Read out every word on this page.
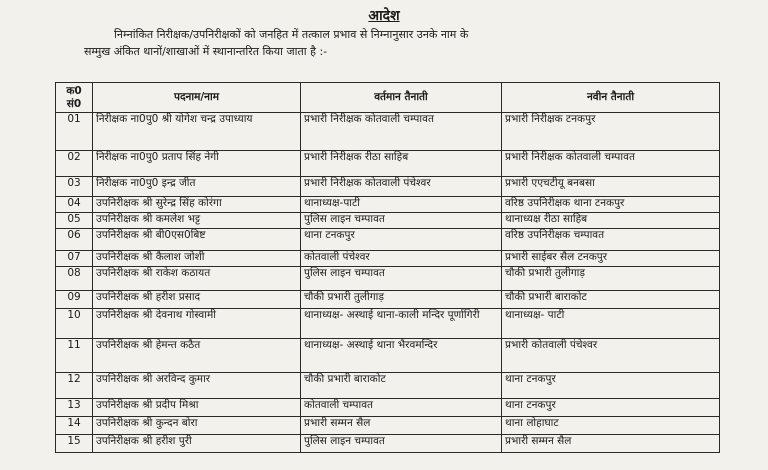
आदेश
निम्नांकित निरीक्षक/उपनिरीक्षकों को जनहित में तत्काल प्रभाव से निम्नानुसार उनके नाम के
सम्मुख अंकित थानों/शाखाओं में स्थानान्तरित किया जाता है :-
क0 सं0	पदनाम/नाम	वर्तमान तैनाती	नवीन तैनाती
01	निरीक्षक ना0पु0 श्री योगेश चन्द्र उपाध्याय	प्रभारी निरीक्षक कोतवाली चम्पावत	प्रभारी निरीक्षक टनकपुर
02	निरीक्षक ना0पु0 प्रताप सिंह नेगी	प्रभारी निरीक्षक रीठा साहिब	प्रभारी निरीक्षक कोतवाली चम्पावत
03	निरीक्षक ना0पु0 इन्द्र जीत	प्रभारी निरीक्षक कोतवाली पंचेश्वर	प्रभारी एएचटीयू बनबसा
04	उपनिरीक्षक श्री सुरेन्द्र सिंह कोरंगा	थानाध्यक्ष-पाटी	वरिष्ठ उपनिरीक्षक थाना टनकपुर
05	उपनिरीक्षक श्री कमलेश भट्ट	पुलिस लाइन चम्पावत	थानाध्यक्ष रीठा साहिब
06	उपनिरीक्षक श्री बी0एस0बिष्ट	थाना टनकपुर	वरिष्ठ उपनिरीक्षक चम्पावत
07	उपनिरीक्षक श्री कैलाश जोशी	कोतवाली पंचेश्वर	प्रभारी साईबर सैल टनकपुर
08	उपनिरीक्षक श्री राकेश कठायत	पुलिस लाइन चम्पावत	चौकी प्रभारी तुलीगाड़
09	उपनिरीक्षक श्री हरीश प्रसाद	चौकी प्रभारी तुलीगाड़	चौकी प्रभारी बाराकोट
10	उपनिरीक्षक श्री देवनाथ गोस्वामी	थानाध्यक्ष- अस्थाई थाना-काली मन्दिर पूर्णागिरी	थानाध्यक्ष- पाटी
11	उपनिरीक्षक श्री हेमन्त कठैत	थानाध्यक्ष- अस्थाई थाना भैरवमन्दिर	प्रभारी कोतवाली पंचेश्वर
12	उपनिरीक्षक श्री अरविन्द कुमार	चौकी प्रभारी बाराकोट	थाना टनकपुर
13	उपनिरीक्षक श्री प्रदीप मिश्रा	कोतवाली चम्पावत	थाना टनकपुर
14	उपनिरीक्षक श्री कुन्दन बोरा	प्रभारी सम्मन सैल	थाना लोहाघाट
15	उपनिरीक्षक श्री हरीश पुरी	पुलिस लाइन चम्पावत	प्रभारी सम्मन सैल
